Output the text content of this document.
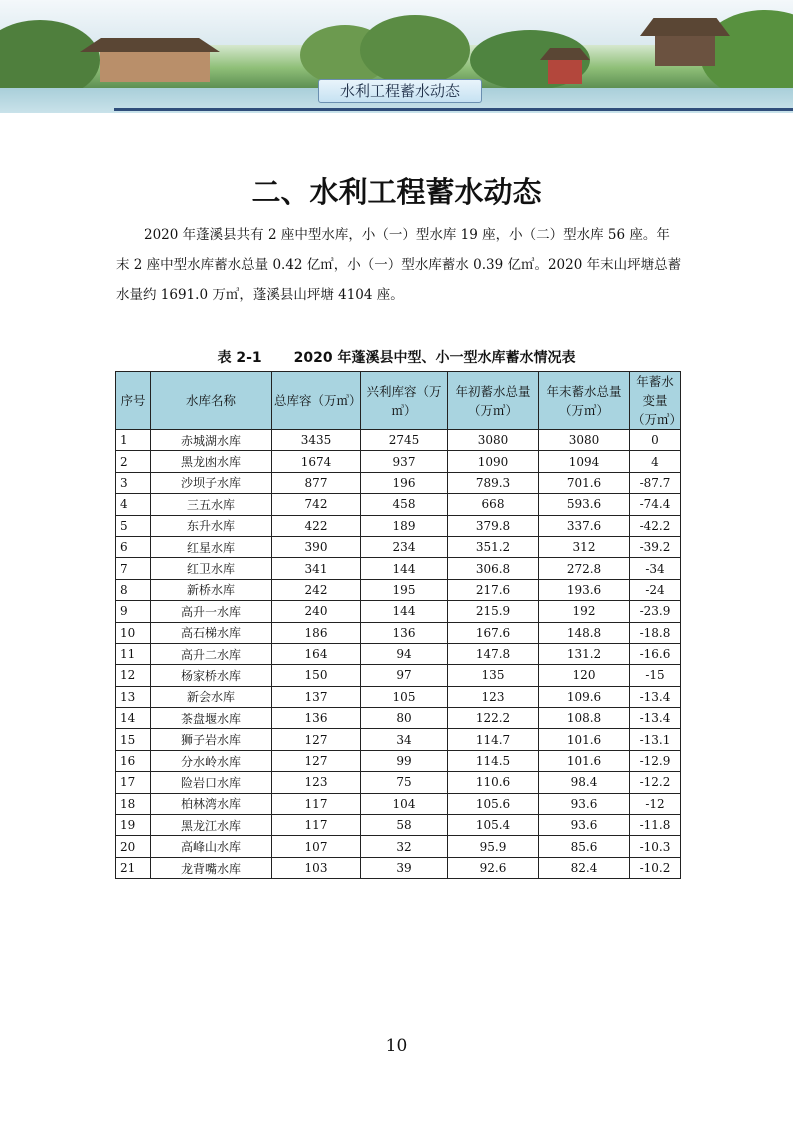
水利工程蓄水动态
二、水利工程蓄水动态
2020 年蓬溪县共有 2 座中型水库，小（一）型水库 19 座，小（二）型水库 56 座。年末 2 座中型水库蓄水总量 0.42 亿㎥，小（一）型水库蓄水 0.39 亿㎥。2020 年末山坪塘总蓄水量约 1691.0 万㎥，蓬溪县山坪塘 4104 座。
表 2-1 2020 年蓬溪县中型、小一型水库蓄水情况表
序号	水库名称	总库容（万㎥）	兴利库容（万㎥）	年初蓄水总量（万㎥）	年末蓄水总量（万㎥）	年蓄水变量（万㎥）
1	赤城湖水库	3435	2745	3080	3080	0
2	黑龙凼水库	1674	937	1090	1094	4
3	沙坝子水库	877	196	789.3	701.6	-87.7
4	三五水库	742	458	668	593.6	-74.4
5	东升水库	422	189	379.8	337.6	-42.2
6	红星水库	390	234	351.2	312	-39.2
7	红卫水库	341	144	306.8	272.8	-34
8	新桥水库	242	195	217.6	193.6	-24
9	高升一水库	240	144	215.9	192	-23.9
10	高石梯水库	186	136	167.6	148.8	-18.8
11	高升二水库	164	94	147.8	131.2	-16.6
12	杨家桥水库	150	97	135	120	-15
13	新会水库	137	105	123	109.6	-13.4
14	茶盘堰水库	136	80	122.2	108.8	-13.4
15	狮子岩水库	127	34	114.7	101.6	-13.1
16	分水岭水库	127	99	114.5	101.6	-12.9
17	险岩口水库	123	75	110.6	98.4	-12.2
18	柏林湾水库	117	104	105.6	93.6	-12
19	黑龙江水库	117	58	105.4	93.6	-11.8
20	高峰山水库	107	32	95.9	85.6	-10.3
21	龙背嘴水库	103	39	92.6	82.4	-10.2
10
